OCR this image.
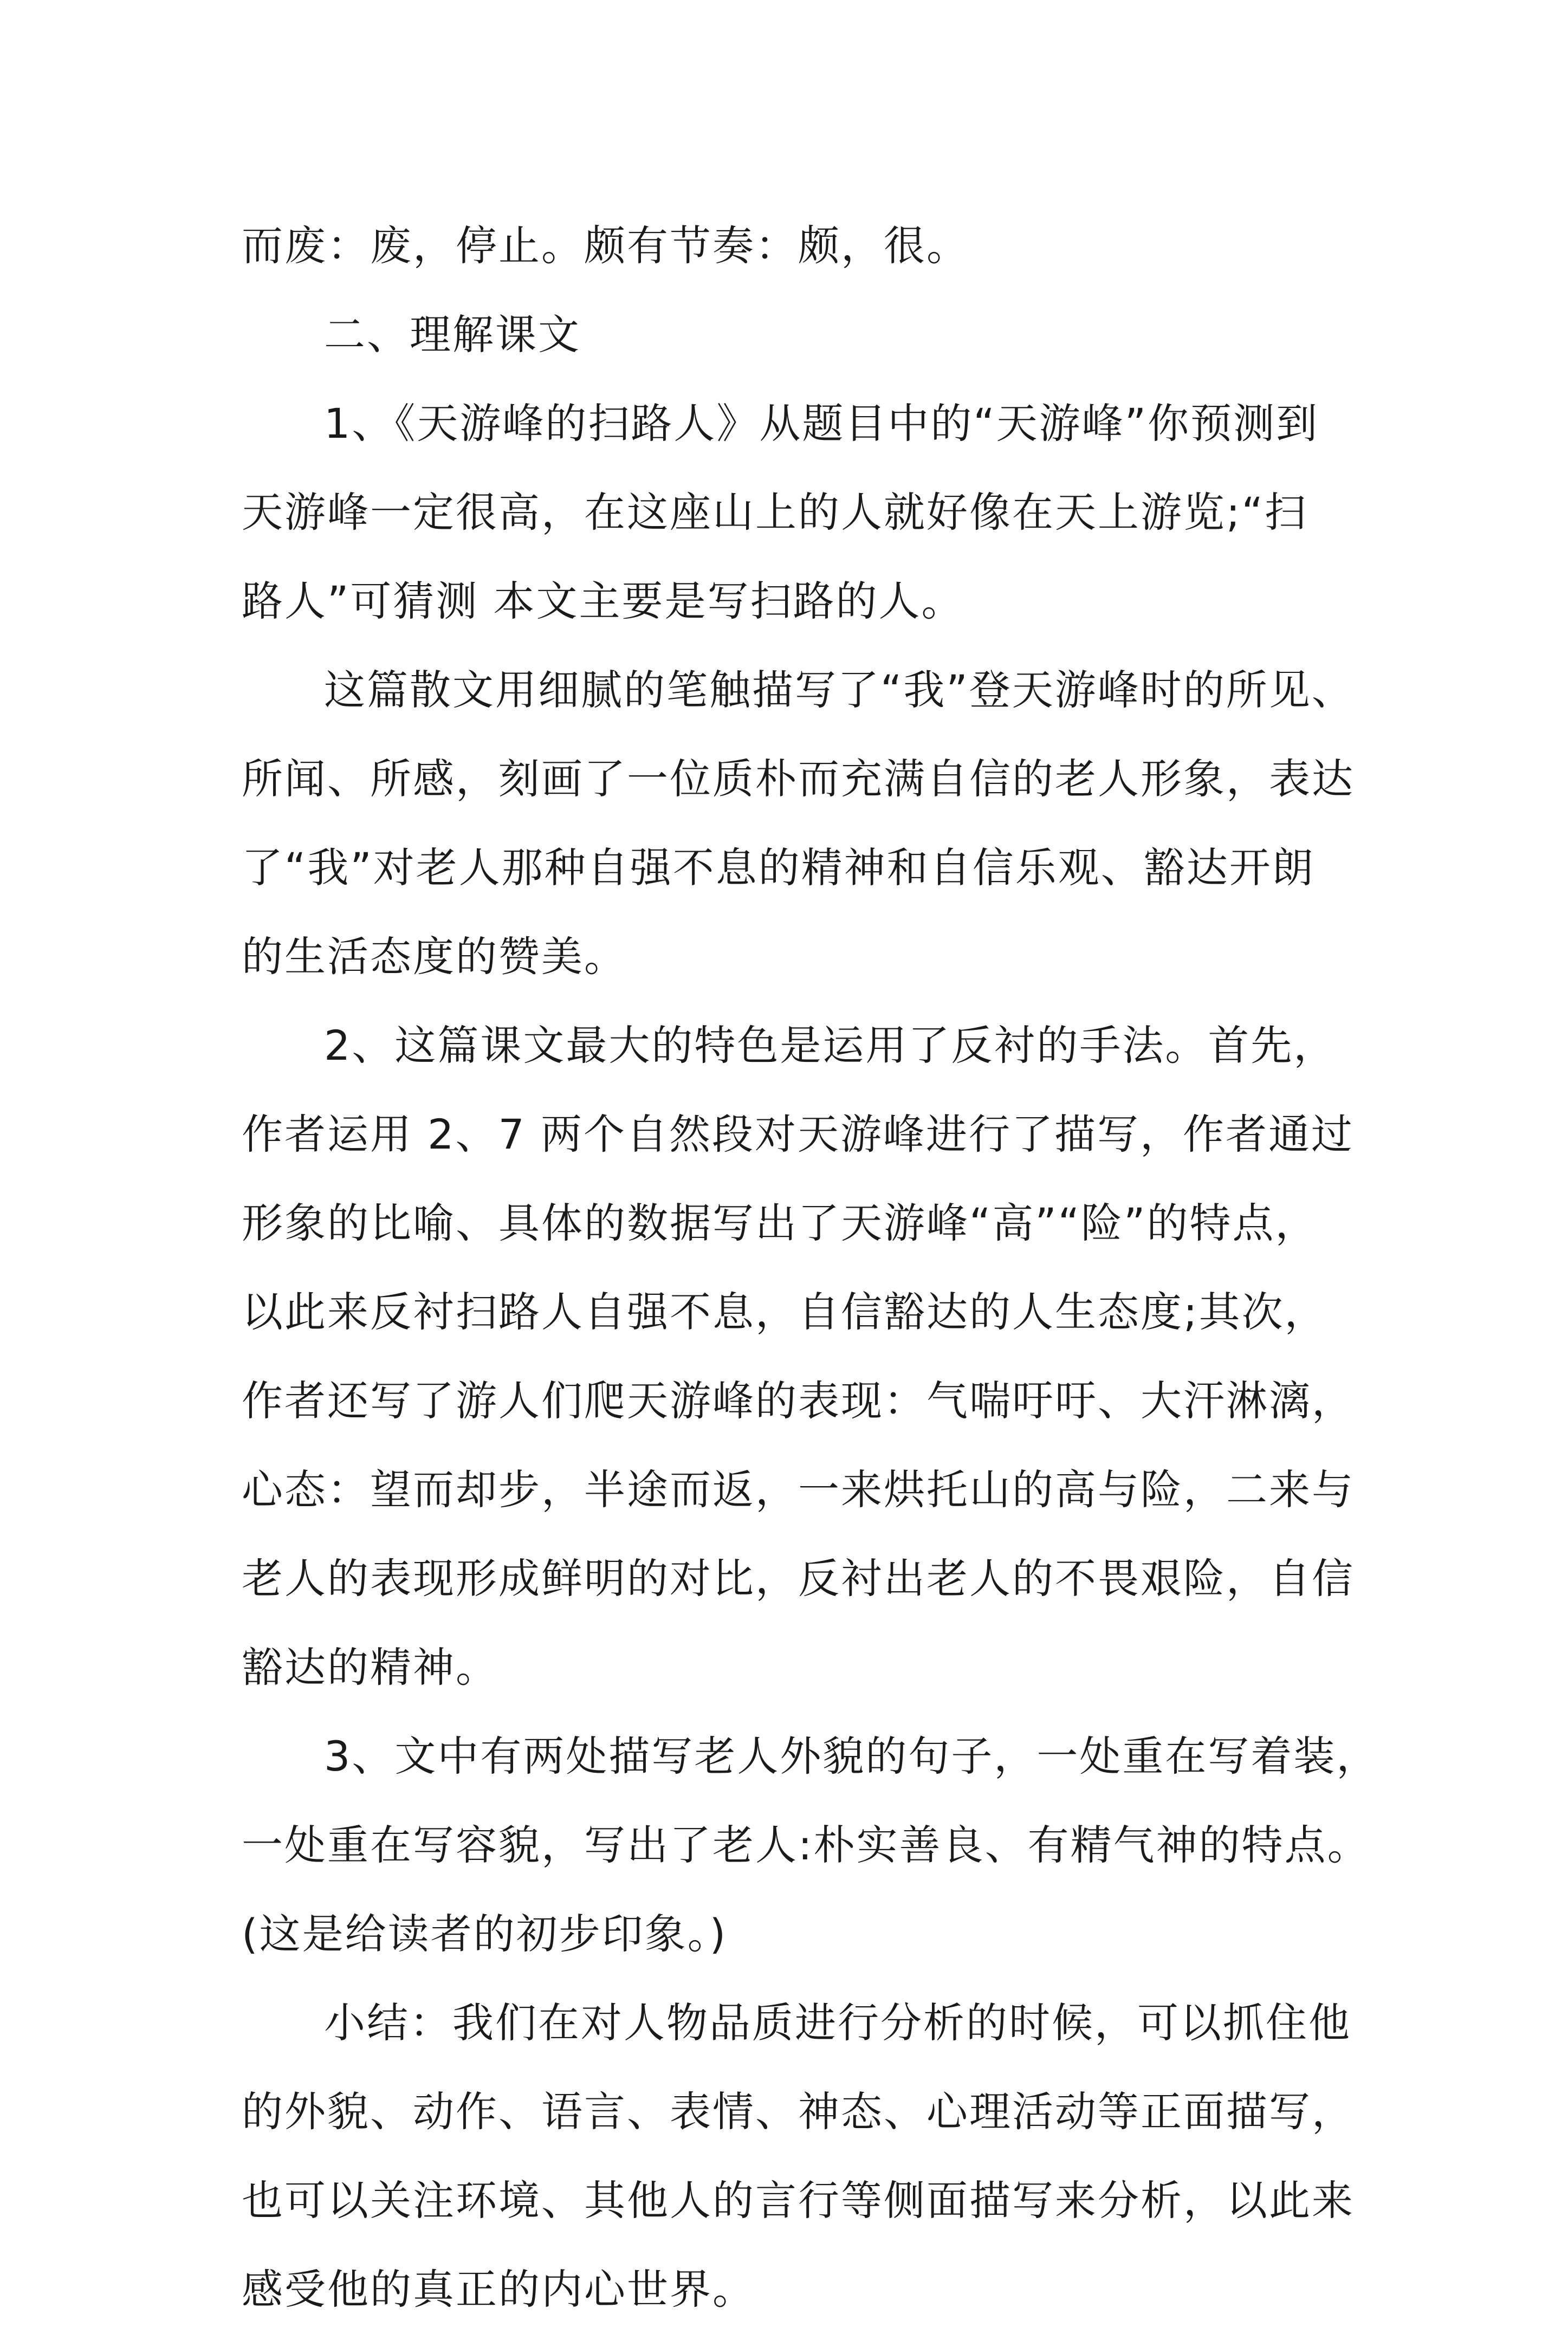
而废：废，停止。颇有节奏：颇，很。
二、理解课文
1、《天游峰的扫路人》从题目中的“天游峰”你预测到
天游峰一定很高，在这座山上的人就好像在天上游览;“扫
路人”可猜测 本文主要是写扫路的人。
这篇散文用细腻的笔触描写了“我”登天游峰时的所见、
所闻、所感，刻画了一位质朴而充满自信的老人形象，表达
了“我”对老人那种自强不息的精神和自信乐观、豁达开朗
的生活态度的赞美。
2、这篇课文最大的特色是运用了反衬的手法。首先，
作者运用 2、7 两个自然段对天游峰进行了描写，作者通过
形象的比喻、具体的数据写出了天游峰“高”“险”的特点，
以此来反衬扫路人自强不息，自信豁达的人生态度;其次，
作者还写了游人们爬天游峰的表现：气喘吁吁、大汗淋漓，
心态：望而却步，半途而返，一来烘托山的高与险，二来与
老人的表现形成鲜明的对比，反衬出老人的不畏艰险，自信
豁达的精神。
3、文中有两处描写老人外貌的句子，一处重在写着装，
一处重在写容貌，写出了老人:朴实善良、有精气神的特点。
(这是给读者的初步印象。)
小结：我们在对人物品质进行分析的时候，可以抓住他
的外貌、动作、语言、表情、神态、心理活动等正面描写，
也可以关注环境、其他人的言行等侧面描写来分析，以此来
感受他的真正的内心世界。
